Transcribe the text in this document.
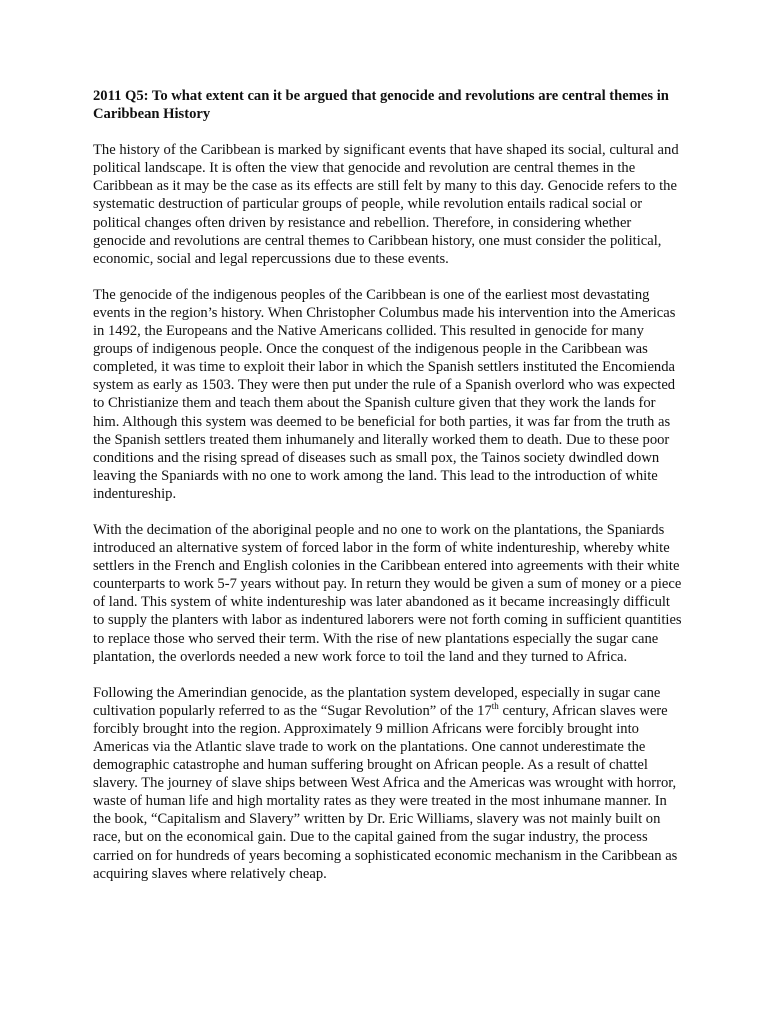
2011 Q5: To what extent can it be argued that genocide and revolutions are central themes in Caribbean History
The history of the Caribbean is marked by significant events that have shaped its social, cultural and political landscape. It is often the view that genocide and revolution are central themes in the Caribbean as it may be the case as its effects are still felt by many to this day. Genocide refers to the systematic destruction of particular groups of people, while revolution entails radical social or political changes often driven by resistance and rebellion. Therefore, in considering whether genocide and revolutions are central themes to Caribbean history, one must consider the political, economic, social and legal repercussions due to these events.
The genocide of the indigenous peoples of the Caribbean is one of the earliest most devastating events in the region’s history. When Christopher Columbus made his intervention into the Americas in 1492, the Europeans and the Native Americans collided. This resulted in genocide for many groups of indigenous people. Once the conquest of the indigenous people in the Caribbean was completed, it was time to exploit their labor in which the Spanish settlers instituted the Encomienda system as early as 1503. They were then put under the rule of a Spanish overlord who was expected to Christianize them and teach them about the Spanish culture given that they work the lands for him. Although this system was deemed to be beneficial for both parties, it was far from the truth as the Spanish settlers treated them inhumanely and literally worked them to death. Due to these poor conditions and the rising spread of diseases such as small pox, the Tainos society dwindled down leaving the Spaniards with no one to work among the land. This lead to the introduction of white indentureship.
With the decimation of the aboriginal people and no one to work on the plantations, the Spaniards introduced an alternative system of forced labor in the form of white indentureship, whereby white settlers in the French and English colonies in the Caribbean entered into agreements with their white counterparts to work 5-7 years without pay. In return they would be given a sum of money or a piece of land. This system of white indentureship was later abandoned as it became increasingly difficult to supply the planters with labor as indentured laborers were not forth coming in sufficient quantities to replace those who served their term. With the rise of new plantations especially the sugar cane plantation, the overlords needed a new work force to toil the land and they turned to Africa.
Following the Amerindian genocide, as the plantation system developed, especially in sugar cane cultivation popularly referred to as the “Sugar Revolution” of the 17th century, African slaves were forcibly brought into the region. Approximately 9 million Africans were forcibly brought into Americas via the Atlantic slave trade to work on the plantations. One cannot underestimate the demographic catastrophe and human suffering brought on African people. As a result of chattel slavery. The journey of slave ships between West Africa and the Americas was wrought with horror, waste of human life and high mortality rates as they were treated in the most inhumane manner. In the book, “Capitalism and Slavery” written by Dr. Eric Williams, slavery was not mainly built on race, but on the economical gain. Due to the capital gained from the sugar industry, the process carried on for hundreds of years becoming a sophisticated economic mechanism in the Caribbean as acquiring slaves where relatively cheap.
